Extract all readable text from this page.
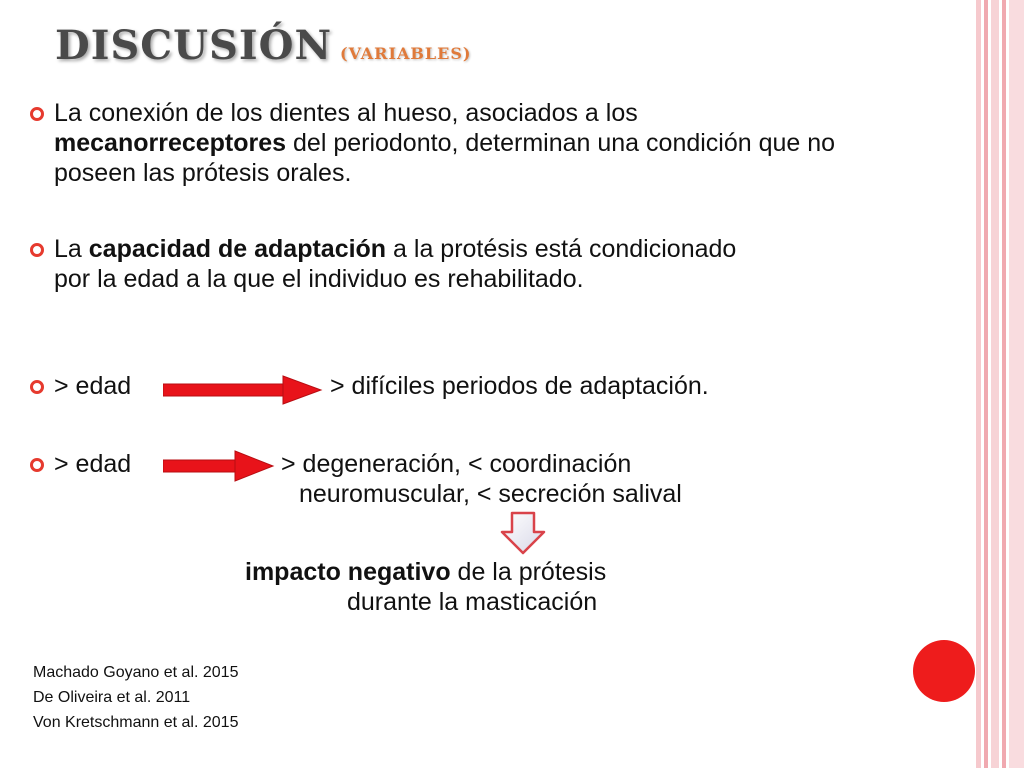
DISCUSIÓN (VARIABLES)
La conexión de los dientes al hueso, asociados a los mecanorreceptores del periodonto, determinan una condición que no poseen las prótesis orales.
La capacidad de adaptación a la protésis está condicionado por la edad a la que el individuo es rehabilitado.
> edad	> difíciles periodos de adaptación.
> edad	> degeneración, < coordinación
neuromuscular, < secreción salival
impacto negativo de la prótesis
durante la masticación
Machado Goyano et al. 2015
De Oliveira et al. 2011
Von Kretschmann et al. 2015
